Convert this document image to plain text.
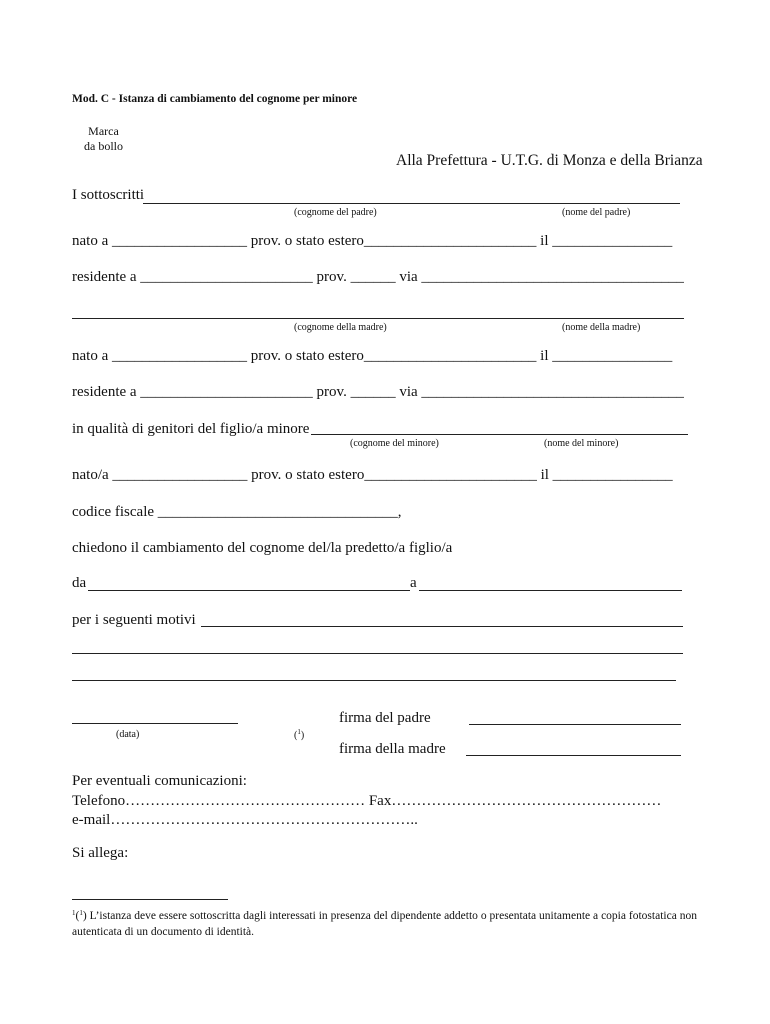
Mod. C - Istanza di cambiamento del cognome per minore
Marca
da bollo
Alla Prefettura - U.T.G. di Monza e della Brianza
I sottoscritti
(cognome del padre)	(nome del padre)
nato a __________________ prov. o stato estero_______________________ il ________________
residente a _______________________ prov. ______ via ___________________________________
(cognome della madre)	(nome della madre)
nato a __________________ prov. o stato estero_______________________ il ________________
residente a _______________________ prov. ______ via ___________________________________
in qualità di genitori del figlio/a minore
(cognome del minore)	(nome del minore)
nato/a __________________ prov. o stato estero_______________________ il ________________
codice fiscale ________________________________,
chiedono il cambiamento del cognome del/la predetto/a figlio/a
da	a
per i seguenti motivi
(data)	($^1$)
firma del padre
firma della madre
Per eventuali comunicazioni:
Telefono………………………………………… Fax………………………………………………
e-mail……………………………………………………..
Si allega:
$^1$($^1$) L’istanza deve essere sottoscritta dagli interessati in presenza del dipendente addetto o presentata unitamente a copia fotostatica non autenticata di un documento di identità.
